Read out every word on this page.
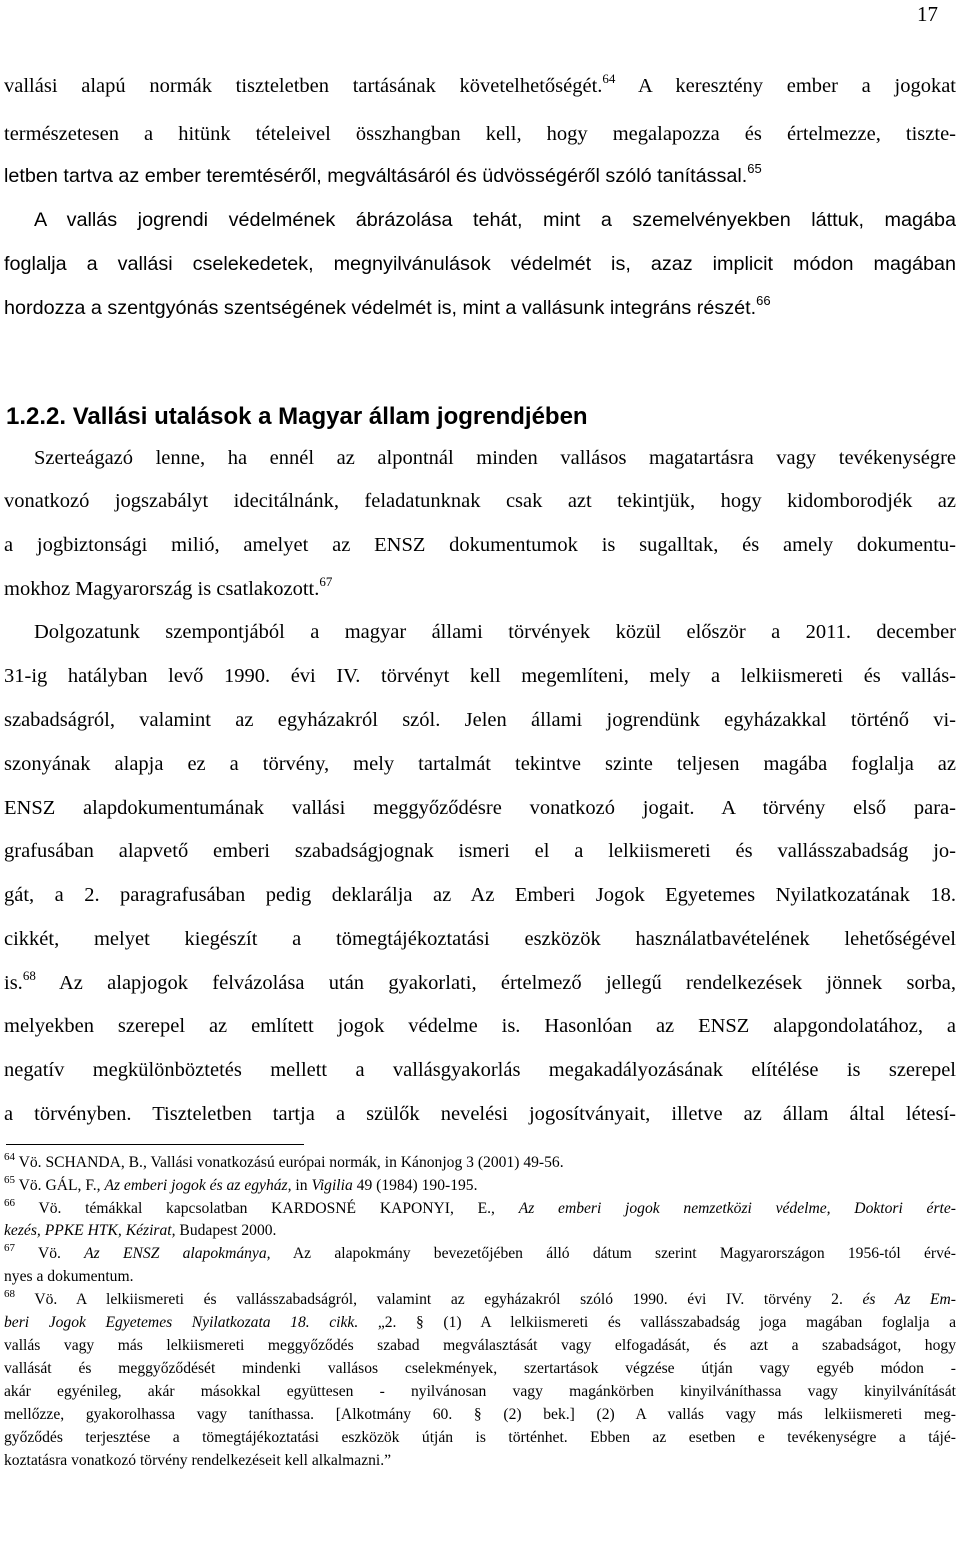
17
vallási alapú normák tiszteletben tartásának követelhetőségét.$^{64}$ A keresztény ember a jogokat
természetesen a hitünk tételeivel összhangban kell, hogy megalapozza és értelmezze, tiszte-
letben tartva az ember teremtéséről, megváltásáról és üdvösségéről szóló tanítással.$^{65}$
A vallás jogrendi védelmének ábrázolása tehát, mint a szemelvényekben láttuk, magába
foglalja a vallási cselekedetek, megnyilvánulások védelmét is, azaz implicit módon magában
hordozza a szentgyónás szentségének védelmét is, mint a vallásunk integráns részét.$^{66}$
1.2.2. Vallási utalások a Magyar állam jogrendjében
Szerteágazó lenne, ha ennél az alpontnál minden vallásos magatartásra vagy tevékenységre
vonatkozó jogszabályt idecitálnánk, feladatunknak csak azt tekintjük, hogy kidomborodjék az
a jogbiztonsági milió, amelyet az ENSZ dokumentumok is sugalltak, és amely dokumentu-
mokhoz Magyarország is csatlakozott.$^{67}$
Dolgozatunk szempontjából a magyar állami törvények közül először a 2011. december
31-ig hatályban levő 1990. évi IV. törvényt kell megemlíteni, mely a lelkiismereti és vallás-
szabadságról, valamint az egyházakról szól. Jelen állami jogrendünk egyházakkal történő vi-
szonyának alapja ez a törvény, mely tartalmát tekintve szinte teljesen magába foglalja az
ENSZ alapdokumentumának vallási meggyőződésre vonatkozó jogait. A törvény első para-
grafusában alapvető emberi szabadságjognak ismeri el a lelkiismereti és vallásszabadság jo-
gát, a 2. paragrafusában pedig deklarálja az Az Emberi Jogok Egyetemes Nyilatkozatának 18.
cikkét, melyet kiegészít a tömegtájékoztatási eszközök használatbavételének lehetőségével
is.$^{68}$ Az alapjogok felvázolása után gyakorlati, értelmező jellegű rendelkezések jönnek sorba,
melyekben szerepel az említett jogok védelme is. Hasonlóan az ENSZ alapgondolatához, a
negatív megkülönböztetés mellett a vallásgyakorlás megakadályozásának elítélése is szerepel
a törvényben. Tiszteletben tartja a szülők nevelési jogosítványait, illetve az állam által létesí-
$^{64}$ Vö. SCHANDA, B., Vallási vonatkozású európai normák, in Kánonjog 3 (2001) 49-56.
$^{65}$ Vö. GÁL, F., Az emberi jogok és az egyház, in Vigilia 49 (1984) 190-195.
$^{66}$ Vö. témákkal kapcsolatban KARDOSNÉ KAPONYI, E., Az emberi jogok nemzetközi védelme, Doktori érte-
kezés, PPKE HTK, Kézirat, Budapest 2000.
$^{67}$ Vö. Az ENSZ alapokmánya, Az alapokmány bevezetőjében álló dátum szerint Magyarországon 1956-tól érvé-
nyes a dokumentum.
$^{68}$ Vö. A lelkiismereti és vallásszabadságról, valamint az egyházakról szóló 1990. évi IV. törvény 2. és Az Em-
beri Jogok Egyetemes Nyilatkozata 18. cikk. „2. § (1) A lelkiismereti és vallásszabadság joga magában foglalja a
vallás vagy más lelkiismereti meggyőződés szabad megválasztását vagy elfogadását, és azt a szabadságot, hogy
vallását és meggyőződését mindenki vallásos cselekmények, szertartások végzése útján vagy egyéb módon -
akár egyénileg, akár másokkal együttesen - nyilvánosan vagy magánkörben kinyilváníthassa vagy kinyilvánítását
mellőzze, gyakorolhassa vagy taníthassa. [Alkotmány 60. § (2) bek.] (2) A vallás vagy más lelkiismereti meg-
győződés terjesztése a tömegtájékoztatási eszközök útján is történhet. Ebben az esetben e tevékenységre a tájé-
koztatásra vonatkozó törvény rendelkezéseit kell alkalmazni.”
